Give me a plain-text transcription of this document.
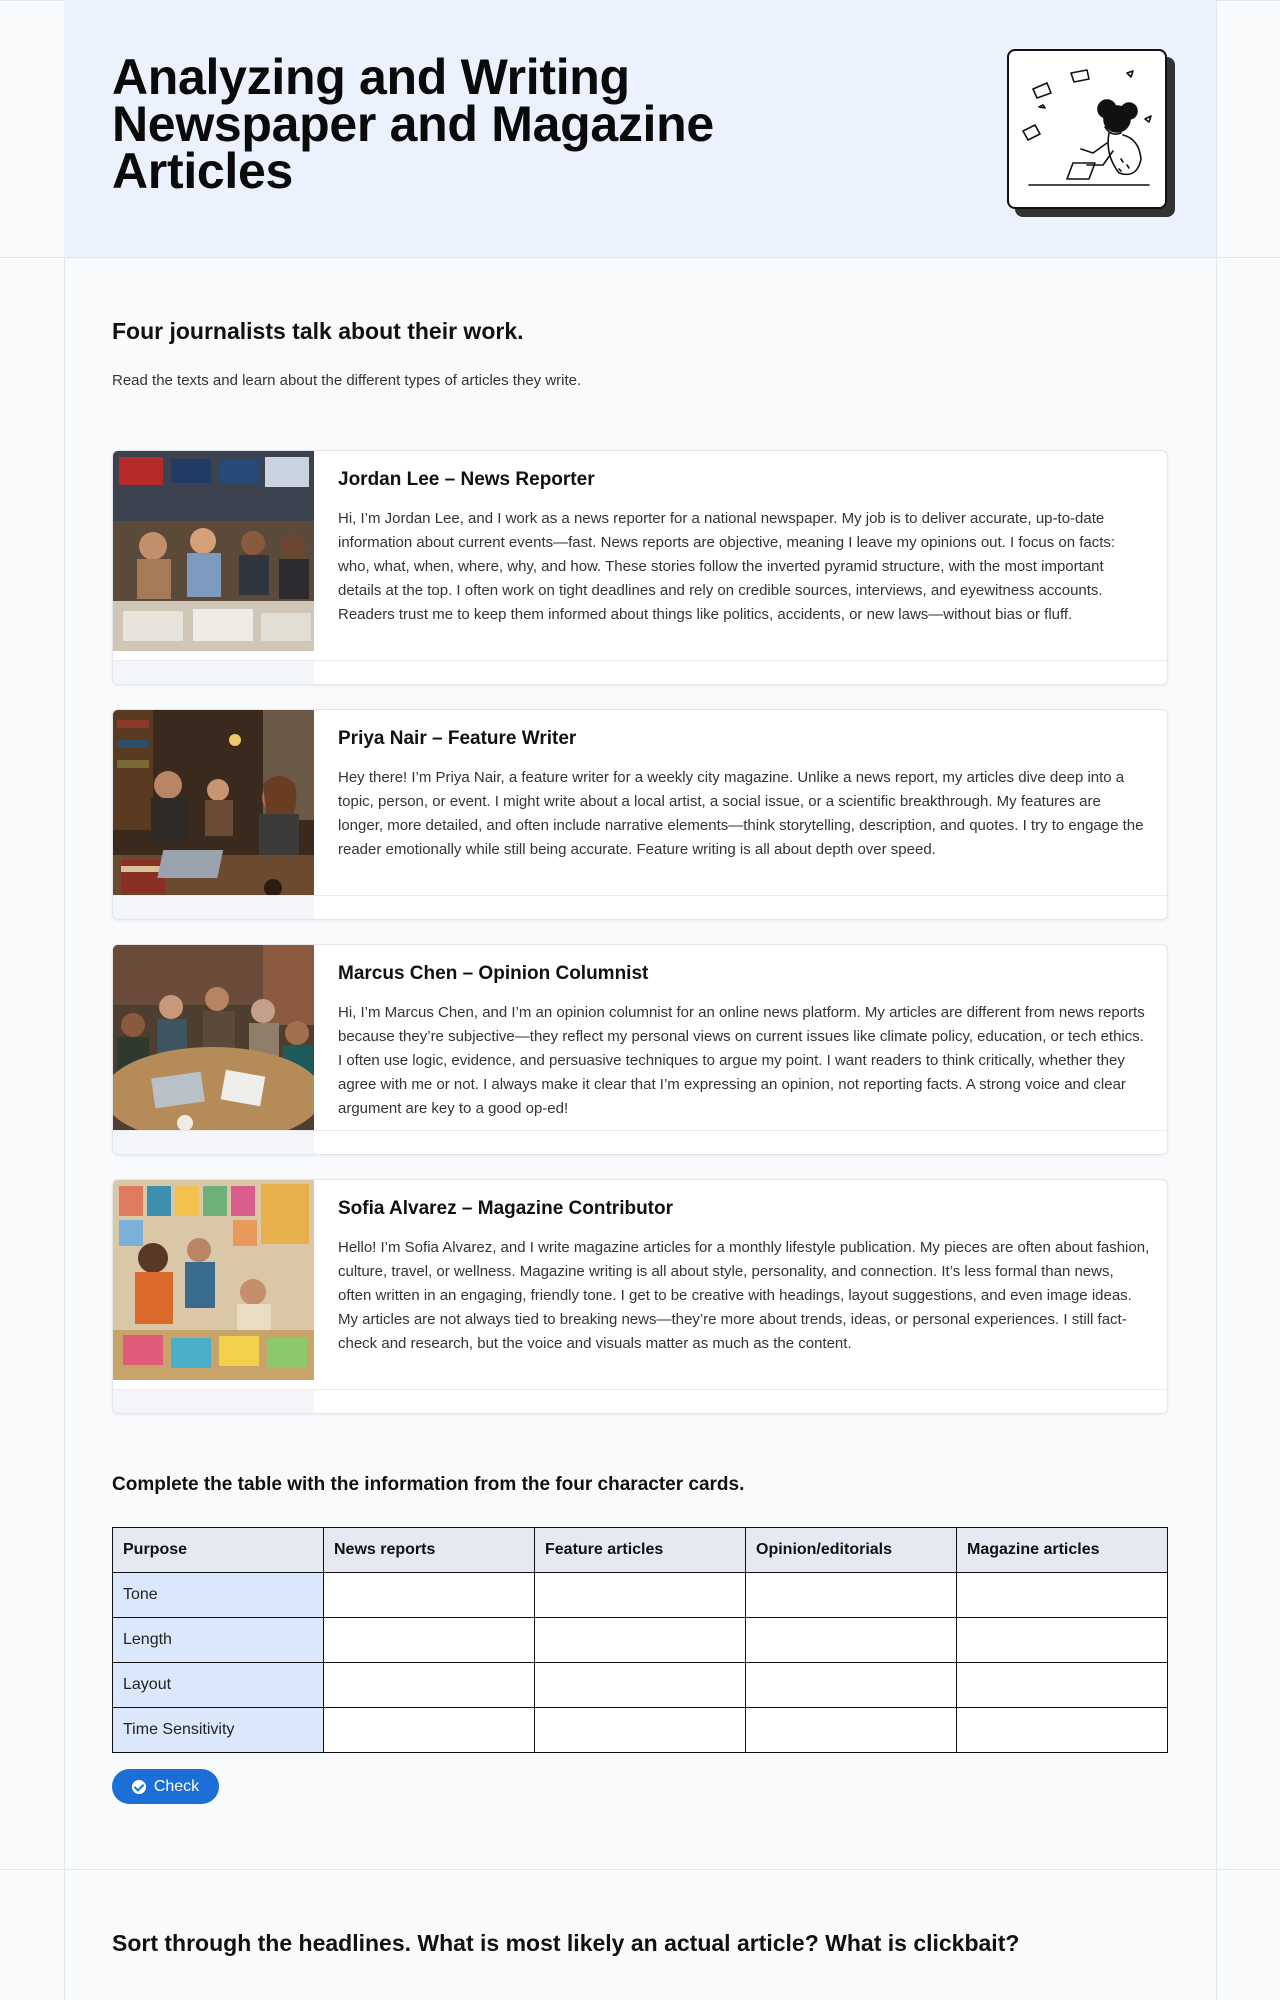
Analyzing and Writing Newspaper and Magazine Articles
Four journalists talk about their work.

Read the texts and learn about the different types of articles they write.

Jordan Lee – News Reporter
Hi, I’m Jordan Lee, and I work as a news reporter for a national newspaper. My job is to deliver accurate, up-to-date information about current events—fast. News reports are objective, meaning I leave my opinions out. I focus on facts: who, what, when, where, why, and how. These stories follow the inverted pyramid structure, with the most important details at the top. I often work on tight deadlines and rely on credible sources, interviews, and eyewitness accounts. Readers trust me to keep them informed about things like politics, accidents, or new laws—without bias or fluff.
Priya Nair – Feature Writer
Hey there! I’m Priya Nair, a feature writer for a weekly city magazine. Unlike a news report, my articles dive deep into a topic, person, or event. I might write about a local artist, a social issue, or a scientific breakthrough. My features are longer, more detailed, and often include narrative elements—think storytelling, description, and quotes. I try to engage the reader emotionally while still being accurate. Feature writing is all about depth over speed.
Marcus Chen – Opinion Columnist
Hi, I’m Marcus Chen, and I’m an opinion columnist for an online news platform. My articles are different from news reports because they’re subjective—they reflect my personal views on current issues like climate policy, education, or tech ethics. I often use logic, evidence, and persuasive techniques to argue my point. I want readers to think critically, whether they agree with me or not. I always make it clear that I’m expressing an opinion, not reporting facts. A strong voice and clear argument are key to a good op-ed!
Sofia Alvarez – Magazine Contributor
Hello! I’m Sofia Alvarez, and I write magazine articles for a monthly lifestyle publication. My pieces are often about fashion, culture, travel, or wellness. Magazine writing is all about style, personality, and connection. It’s less formal than news, often written in an engaging, friendly tone. I get to be creative with headings, layout suggestions, and even image ideas. My articles are not always tied to breaking news—they’re more about trends, ideas, or personal experiences. I still fact-check and research, but the voice and visuals matter as much as the content.
Complete the table with the information from the four character cards.
Purpose	News reports	Feature articles	Opinion/editorials	Magazine articles
Tone				
Length				
Layout				
Time Sensitivity				
Check
Sort through the headlines. What is most likely an actual article? What is clickbait?
